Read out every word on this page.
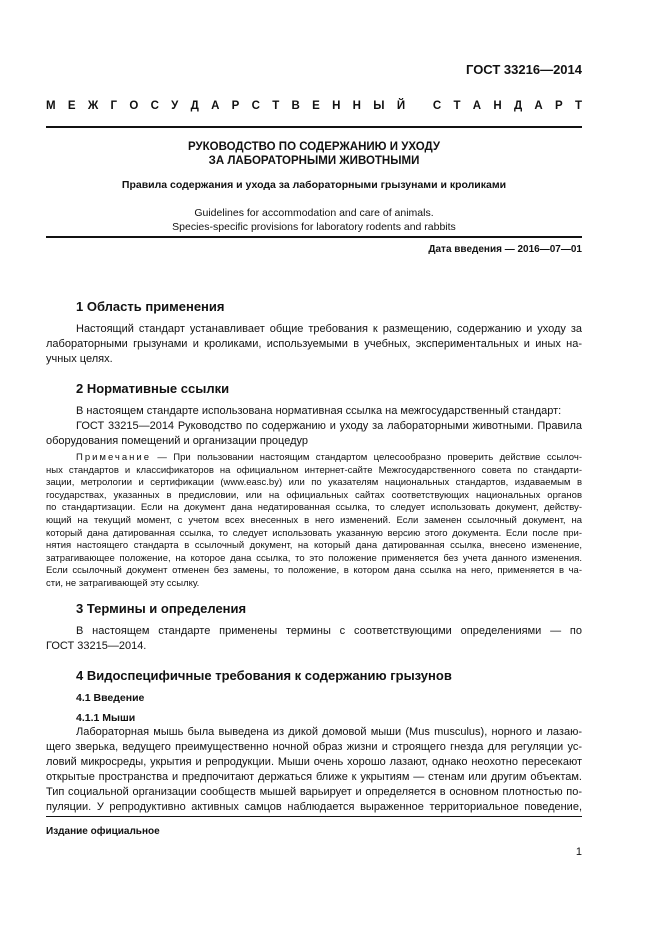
ГОСТ 33216—2014
М Е Ж Г О С У Д А Р С Т В Е Н Н Ы Й
С Т А Н Д А Р Т
РУКОВОДСТВО ПО СОДЕРЖАНИЮ И УХОДУ
ЗА ЛАБОРАТОРНЫМИ ЖИВОТНЫМИ
Правила содержания и ухода за лабораторными грызунами и кроликами
Guidelines for accommodation and care of animals.
Species-specific provisions for laboratory rodents and rabbits
Дата введения — 2016—07—01
1 Область применения
Настоящий стандарт устанавливает общие требования к размещению, содержанию и уходу за
лабораторными грызунами и кроликами, используемыми в учебных, экспериментальных и иных на-
учных целях.
2 Нормативные ссылки
В настоящем стандарте использована нормативная ссылка на межгосударственный стандарт:
ГОСТ 33215—2014 Руководство по содержанию и уходу за лабораторными животными. Правила
оборудования помещений и организации процедур
Примечание — При пользовании настоящим стандартом целесообразно проверить действие ссылоч-
ных стандартов и классификаторов на официальном интернет-сайте Межгосударственного совета по стандарти-
зации, метрологии и сертификации (www.easc.by) или по указателям национальных стандартов, издаваемым в
государствах, указанных в предисловии, или на официальных сайтах соответствующих национальных органов
по стандартизации. Если на документ дана недатированная ссылка, то следует использовать документ, действу-
ющий на текущий момент, с учетом всех внесенных в него изменений. Если заменен ссылочный документ, на
который дана датированная ссылка, то следует использовать указанную версию этого документа. Если после при-
нятия настоящего стандарта в ссылочный документ, на который дана датированная ссылка, внесено изменение,
затрагивающее положение, на которое дана ссылка, то это положение применяется без учета данного изменения.
Если ссылочный документ отменен без замены, то положение, в котором дана ссылка на него, применяется в ча-
сти, не затрагивающей эту ссылку.
3 Термины и определения
В настоящем стандарте применены термины с соответствующими определениями — по
ГОСТ 33215—2014.
4 Видоспецифичные требования к содержанию грызунов
4.1 Введение
4.1.1 Мыши
Лабораторная мышь была выведена из дикой домовой мыши (Mus musculus), норного и лазаю-
щего зверька, ведущего преимущественно ночной образ жизни и строящего гнезда для регуляции ус-
ловий микросреды, укрытия и репродукции. Мыши очень хорошо лазают, однако неохотно пересекают
открытые пространства и предпочитают держаться ближе к укрытиям — стенам или другим объектам.
Тип социальной организации сообществ мышей варьирует и определяется в основном плотностью по-
пуляции. У репродуктивно активных самцов наблюдается выраженное территориальное поведение,
Издание официальное
1
